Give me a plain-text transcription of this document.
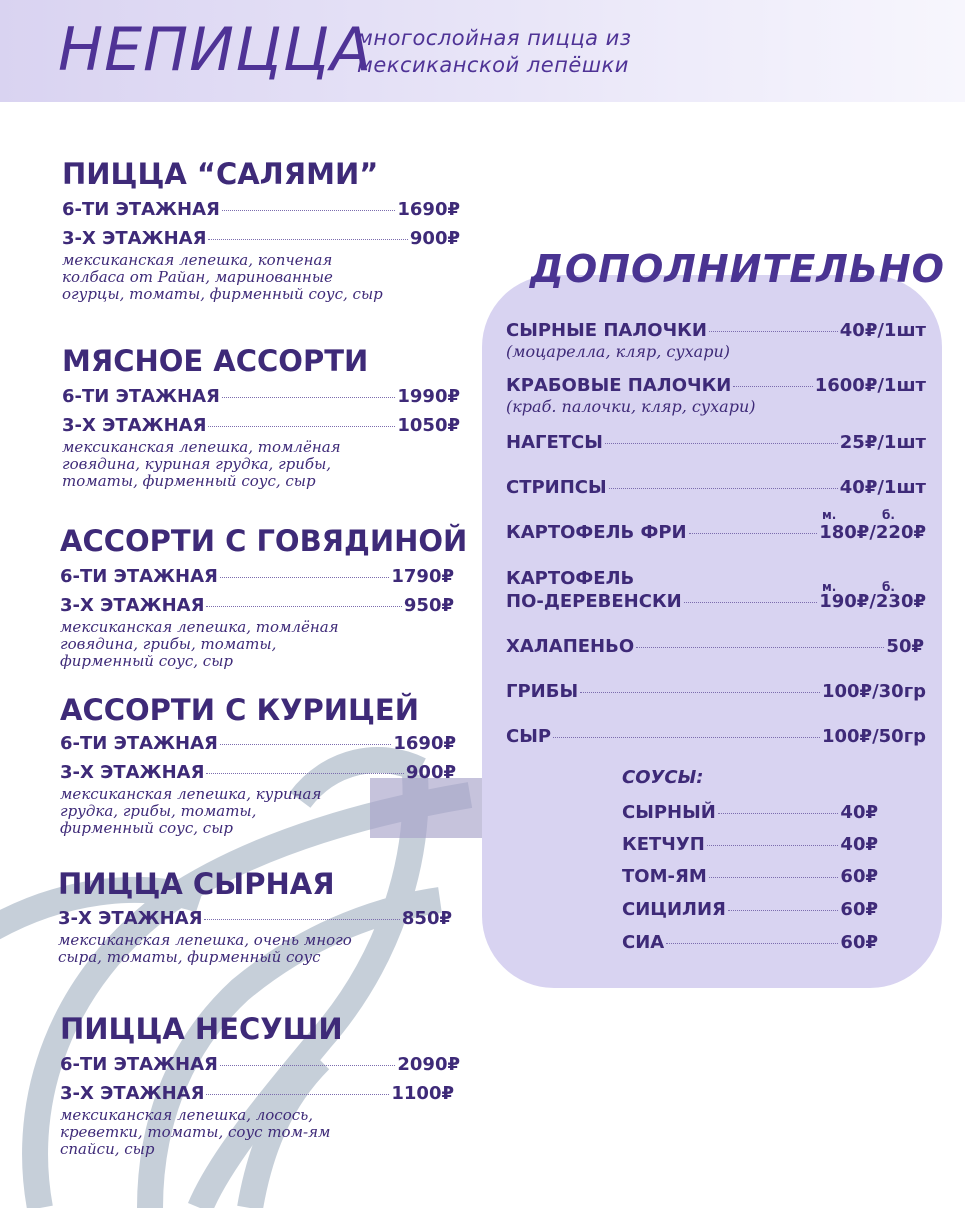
НЕПИЦЦА
многослойная пицца из
мексиканской лепёшки
ПИЦЦА “САЛЯМИ”
6-ТИ ЭТАЖНАЯ	1690₽
3-Х ЭТАЖНАЯ	900₽
мексиканская лепешка, копченая
колбаса от Райан, маринованные
огурцы, томаты, фирменный соус, сыр
МЯСНОЕ АССОРТИ
6-ТИ ЭТАЖНАЯ	1990₽
3-Х ЭТАЖНАЯ	1050₽
мексиканская лепешка, томлёная
говядина, куриная грудка, грибы,
томаты, фирменный соус, сыр
АССОРТИ С ГОВЯДИНОЙ
6-ТИ ЭТАЖНАЯ	1790₽
3-Х ЭТАЖНАЯ	950₽
мексиканская лепешка, томлёная
говядина, грибы, томаты,
фирменный соус, сыр
АССОРТИ С КУРИЦЕЙ
6-ТИ ЭТАЖНАЯ	1690₽
3-Х ЭТАЖНАЯ	900₽
мексиканская лепешка, куриная
грудка, грибы, томаты,
фирменный соус, сыр
ПИЦЦА СЫРНАЯ
3-Х ЭТАЖНАЯ	850₽
мексиканская лепешка, очень много
сыра, томаты, фирменный соус
ПИЦЦА НЕСУШИ
6-ТИ ЭТАЖНАЯ	2090₽
3-Х ЭТАЖНАЯ	1100₽
мексиканская лепешка, лосось,
креветки, томаты, соус том-ям
спайси, сыр
ДОПОЛНИТЕЛЬНО
СЫРНЫЕ ПАЛОЧКИ	40₽/1шт
(моцарелла, кляр, сухари)
КРАБОВЫЕ ПАЛОЧКИ	1600₽/1шт
(краб. палочки, кляр, сухари)
НАГЕТСЫ	25₽/1шт
СТРИПСЫ	40₽/1шт
м.	б.
КАРТОФЕЛЬ ФРИ	180₽/220₽
КАРТОФЕЛЬ	м.	б.
ПО-ДЕРЕВЕНСКИ	190₽/230₽
ХАЛАПЕНЬО	50₽
ГРИБЫ	100₽/30гр
СЫР	100₽/50гр
СОУСЫ:
СЫРНЫЙ	40₽
КЕТЧУП	40₽
ТОМ-ЯМ	60₽
СИЦИЛИЯ	60₽
СИА	60₽
